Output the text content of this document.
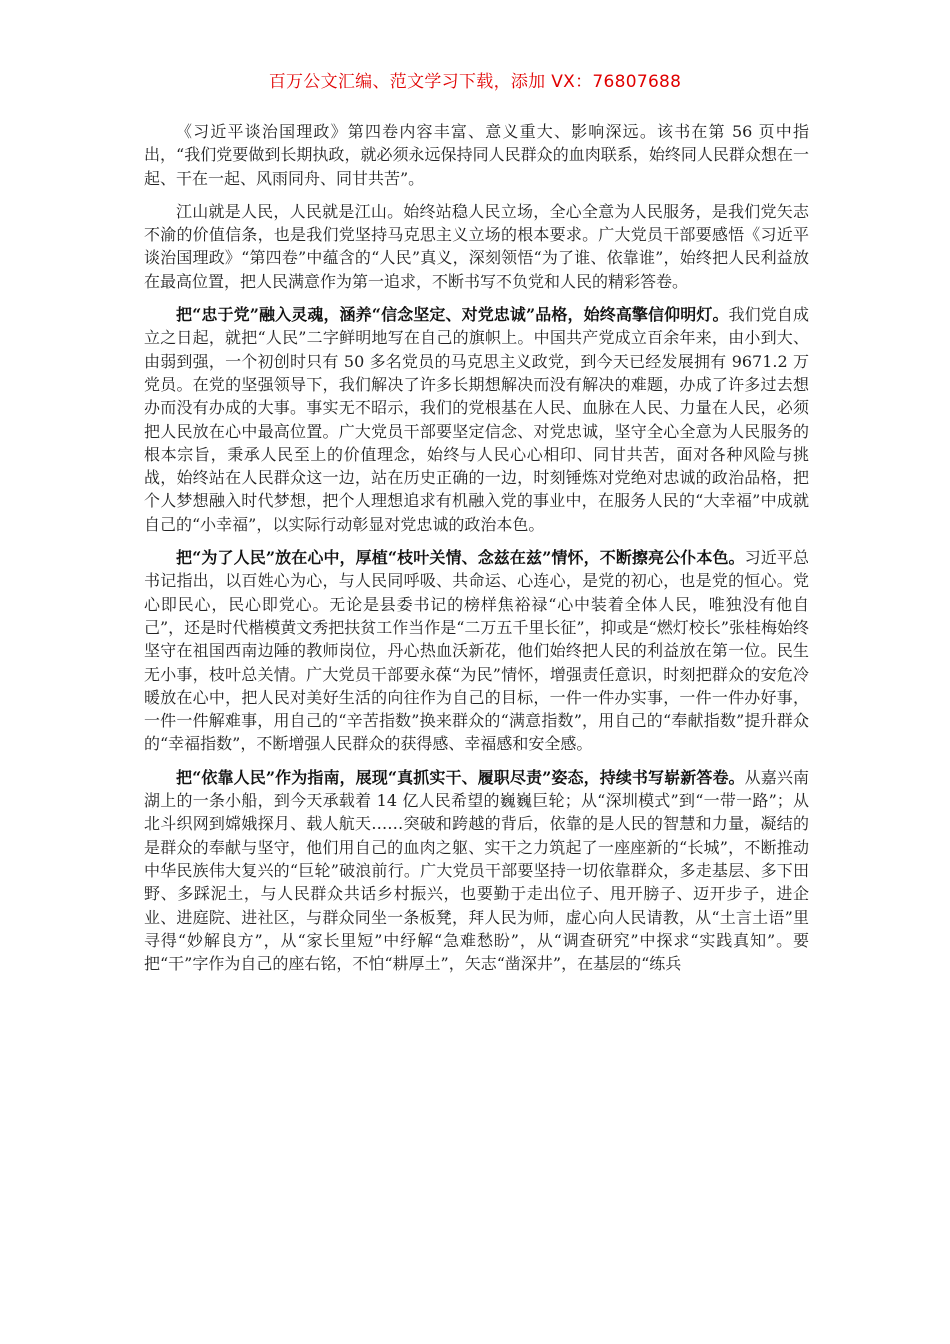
百万公文汇编、范文学习下载，添加 VX：76807688

《习近平谈治国理政》第四卷内容丰富、意义重大、影响深远。该书在第 56 页中指出，“我们党要做到长期执政，就必须永远保持同人民群众的血肉联系，始终同人民群众想在一起、干在一起、风雨同舟、同甘共苦”。

江山就是人民，人民就是江山。始终站稳人民立场，全心全意为人民服务，是我们党矢志不渝的价值信条，也是我们党坚持马克思主义立场的根本要求。广大党员干部要感悟《习近平谈治国理政》“第四卷”中蕴含的“人民”真义，深刻领悟“为了谁、依靠谁”，始终把人民利益放在最高位置，把人民满意作为第一追求，不断书写不负党和人民的精彩答卷。

把“忠于党”融入灵魂，涵养“信念坚定、对党忠诚”品格，始终高擎信仰明灯。我们党自成立之日起，就把“人民”二字鲜明地写在自己的旗帜上。中国共产党成立百余年来，由小到大、由弱到强，一个初创时只有 50 多名党员的马克思主义政党，到今天已经发展拥有 9671.2 万党员。在党的坚强领导下，我们解决了许多长期想解决而没有解决的难题，办成了许多过去想办而没有办成的大事。事实无不昭示，我们的党根基在人民、血脉在人民、力量在人民，必须把人民放在心中最高位置。广大党员干部要坚定信念、对党忠诚，坚守全心全意为人民服务的根本宗旨，秉承人民至上的价值理念，始终与人民心心相印、同甘共苦，面对各种风险与挑战，始终站在人民群众这一边，站在历史正确的一边，时刻锤炼对党绝对忠诚的政治品格，把个人梦想融入时代梦想，把个人理想追求有机融入党的事业中，在服务人民的“大幸福”中成就自己的“小幸福”，以实际行动彰显对党忠诚的政治本色。

把“为了人民”放在心中，厚植“枝叶关情、念兹在兹”情怀，不断擦亮公仆本色。习近平总书记指出，以百姓心为心，与人民同呼吸、共命运、心连心，是党的初心，也是党的恒心。党心即民心，民心即党心。无论是县委书记的榜样焦裕禄“心中装着全体人民，唯独没有他自己”，还是时代楷模黄文秀把扶贫工作当作是“二万五千里长征”，抑或是“燃灯校长”张桂梅始终坚守在祖国西南边陲的教师岗位，丹心热血沃新花，他们始终把人民的利益放在第一位。民生无小事，枝叶总关情。广大党员干部要永葆“为民”情怀，增强责任意识，时刻把群众的安危冷暖放在心中，把人民对美好生活的向往作为自己的目标，一件一件办实事，一件一件办好事，一件一件解难事，用自己的“辛苦指数”换来群众的“满意指数”，用自己的“奉献指数”提升群众的“幸福指数”，不断增强人民群众的获得感、幸福感和安全感。

把“依靠人民”作为指南，展现“真抓实干、履职尽责”姿态，持续书写崭新答卷。从嘉兴南湖上的一条小船，到今天承载着 14 亿人民希望的巍巍巨轮；从“深圳模式”到“一带一路”；从北斗织网到嫦娥探月、载人航天……突破和跨越的背后，依靠的是人民的智慧和力量，凝结的是群众的奉献与坚守，他们用自己的血肉之躯、实干之力筑起了一座座新的“长城”，不断推动中华民族伟大复兴的“巨轮”破浪前行。广大党员干部要坚持一切依靠群众，多走基层、多下田野、多踩泥土，与人民群众共话乡村振兴，也要勤于走出位子、甩开膀子、迈开步子，进企业、进庭院、进社区，与群众同坐一条板凳，拜人民为师，虚心向人民请教，从“土言土语”里寻得“妙解良方”，从“家长里短”中纾解“急难愁盼”，从“调查研究”中探求“实践真知”。要把“干”字作为自己的座右铭，不怕“耕厚土”，矢志“凿深井”，在基层的“练兵
